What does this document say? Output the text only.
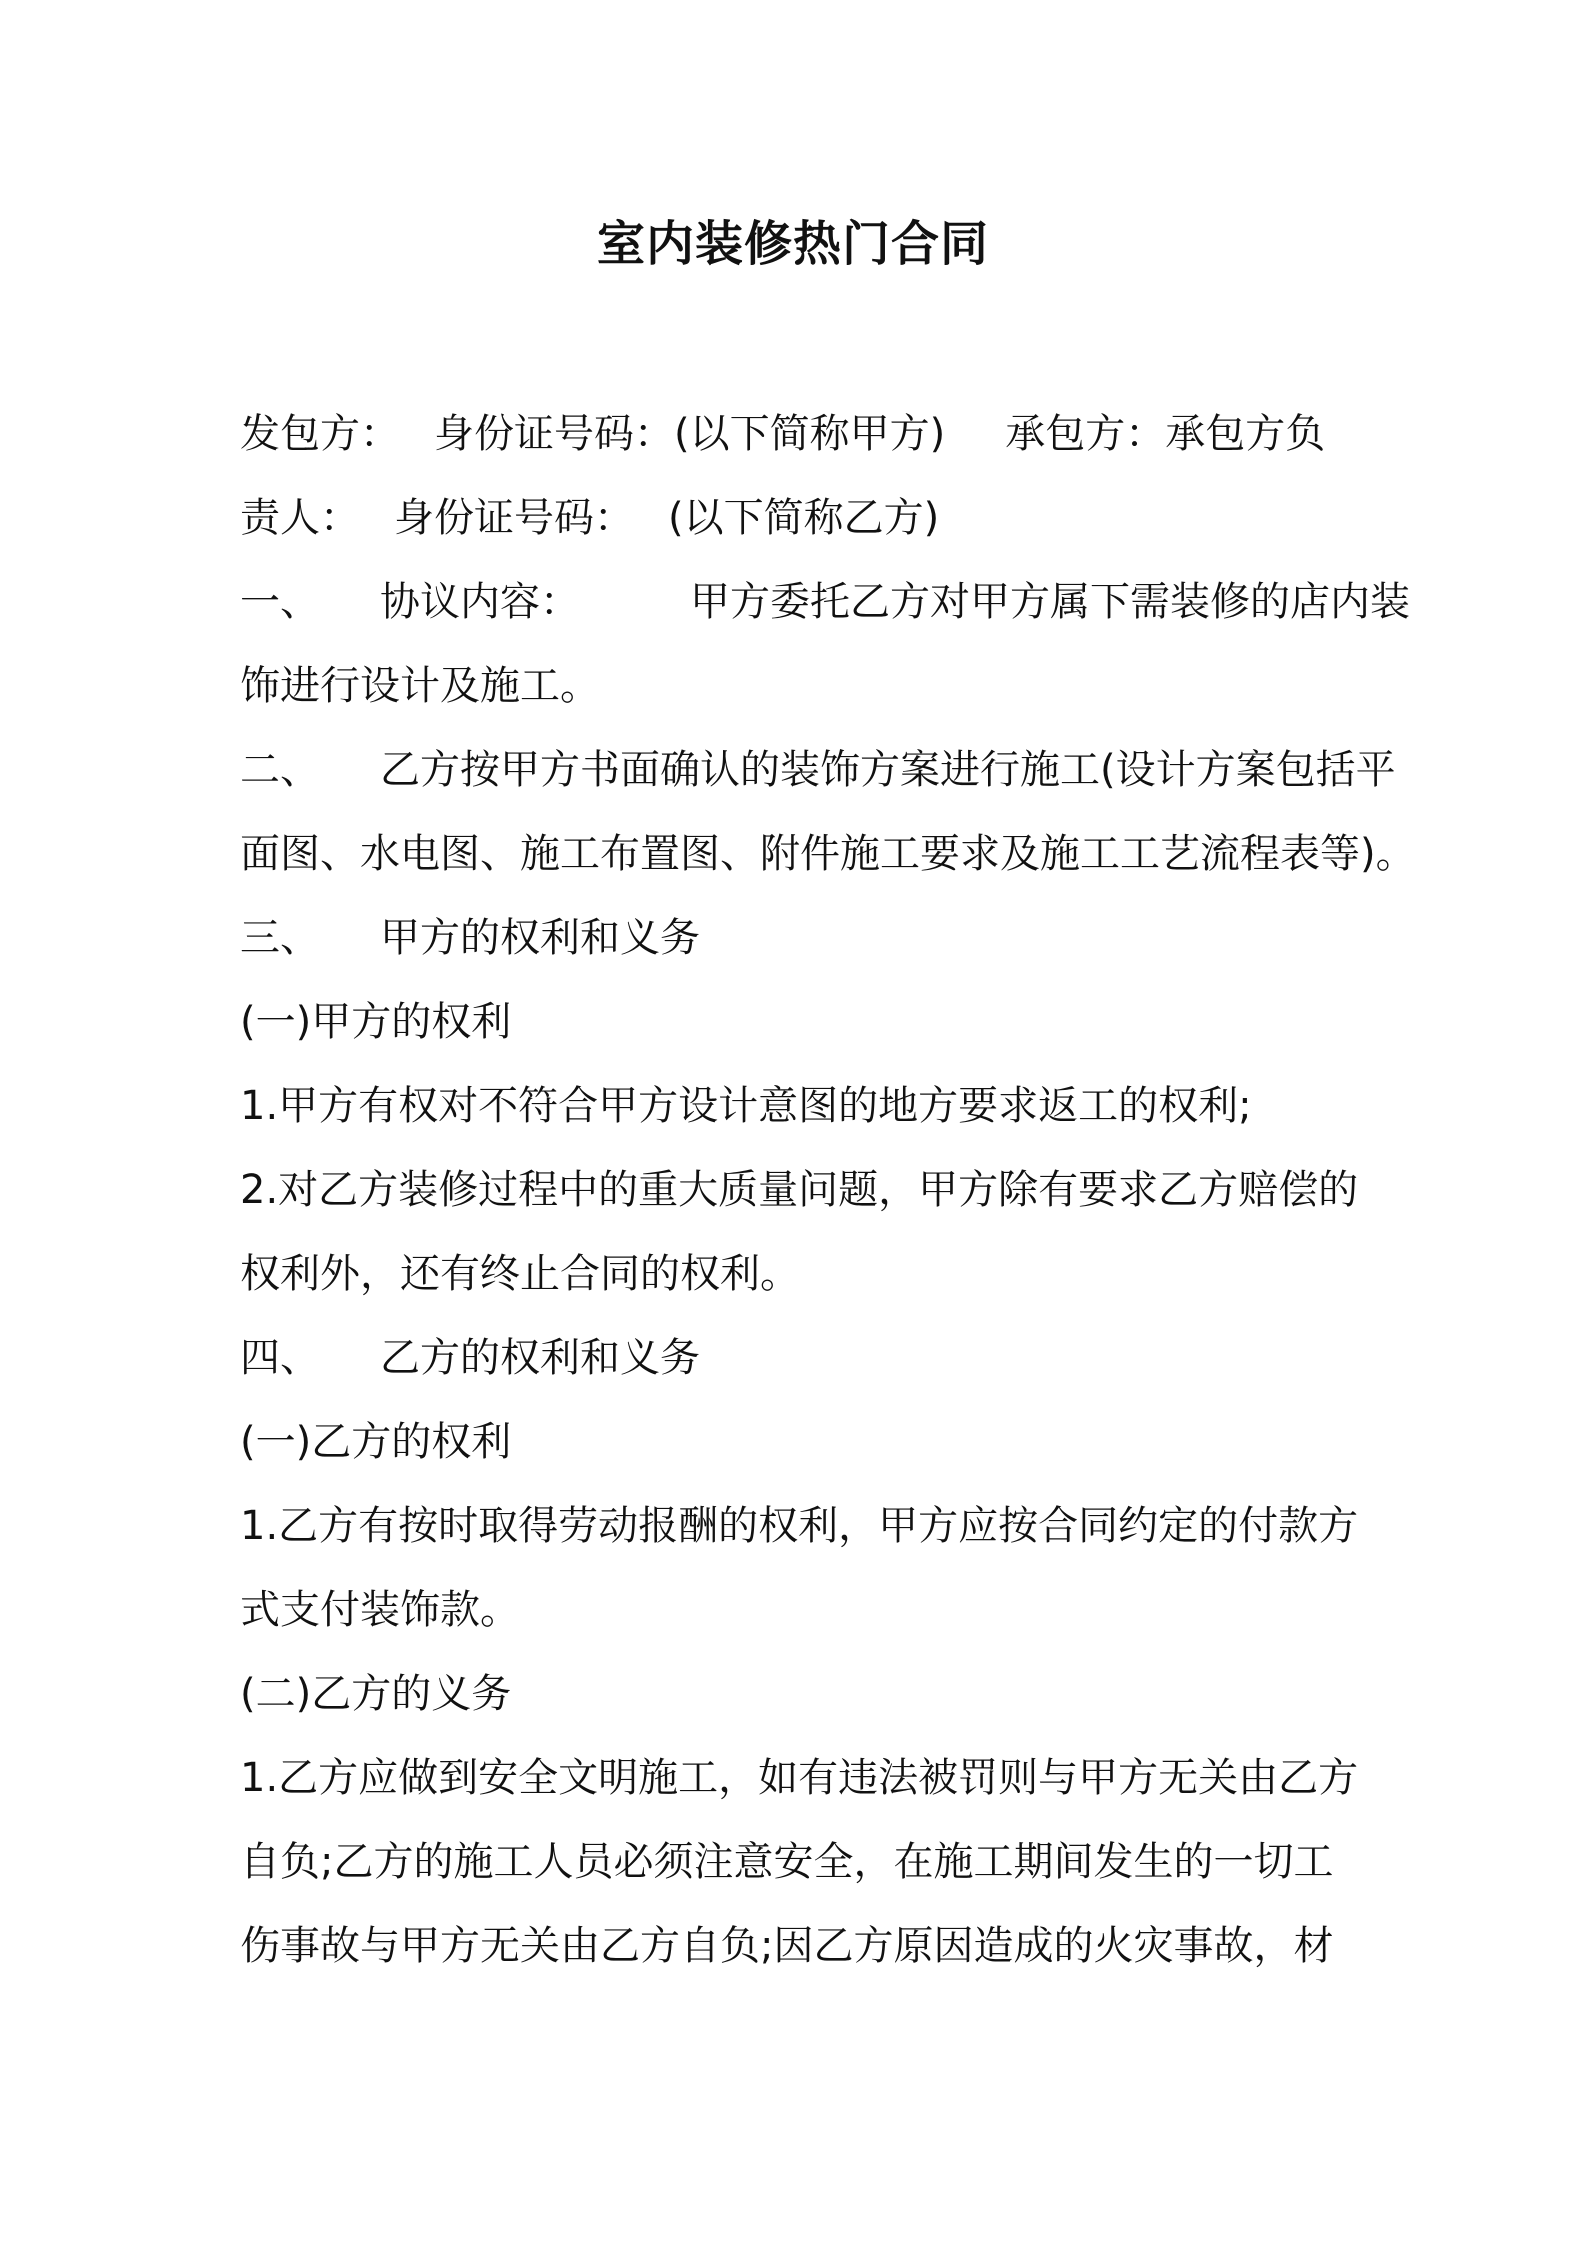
室内装修热门合同
发包方： 身份证号码：(以下简称甲方) 承包方：承包方负
责人： 身份证号码： (以下简称乙方)
一、 协议内容：	甲方委托乙方对甲方属下需装修的店内装
饰进行设计及施工。
二、 乙方按甲方书面确认的装饰方案进行施工(设计方案包括平
面图、水电图、施工布置图、附件施工要求及施工工艺流程表等)。
三、 甲方的权利和义务
(一)甲方的权利
1.甲方有权对不符合甲方设计意图的地方要求返工的权利;
2.对乙方装修过程中的重大质量问题，甲方除有要求乙方赔偿的
权利外，还有终止合同的权利。
四、 乙方的权利和义务
(一)乙方的权利
1.乙方有按时取得劳动报酬的权利，甲方应按合同约定的付款方
式支付装饰款。
(二)乙方的义务
1.乙方应做到安全文明施工，如有违法被罚则与甲方无关由乙方
自负;乙方的施工人员必须注意安全，在施工期间发生的一切工
伤事故与甲方无关由乙方自负;因乙方原因造成的火灾事故，材
